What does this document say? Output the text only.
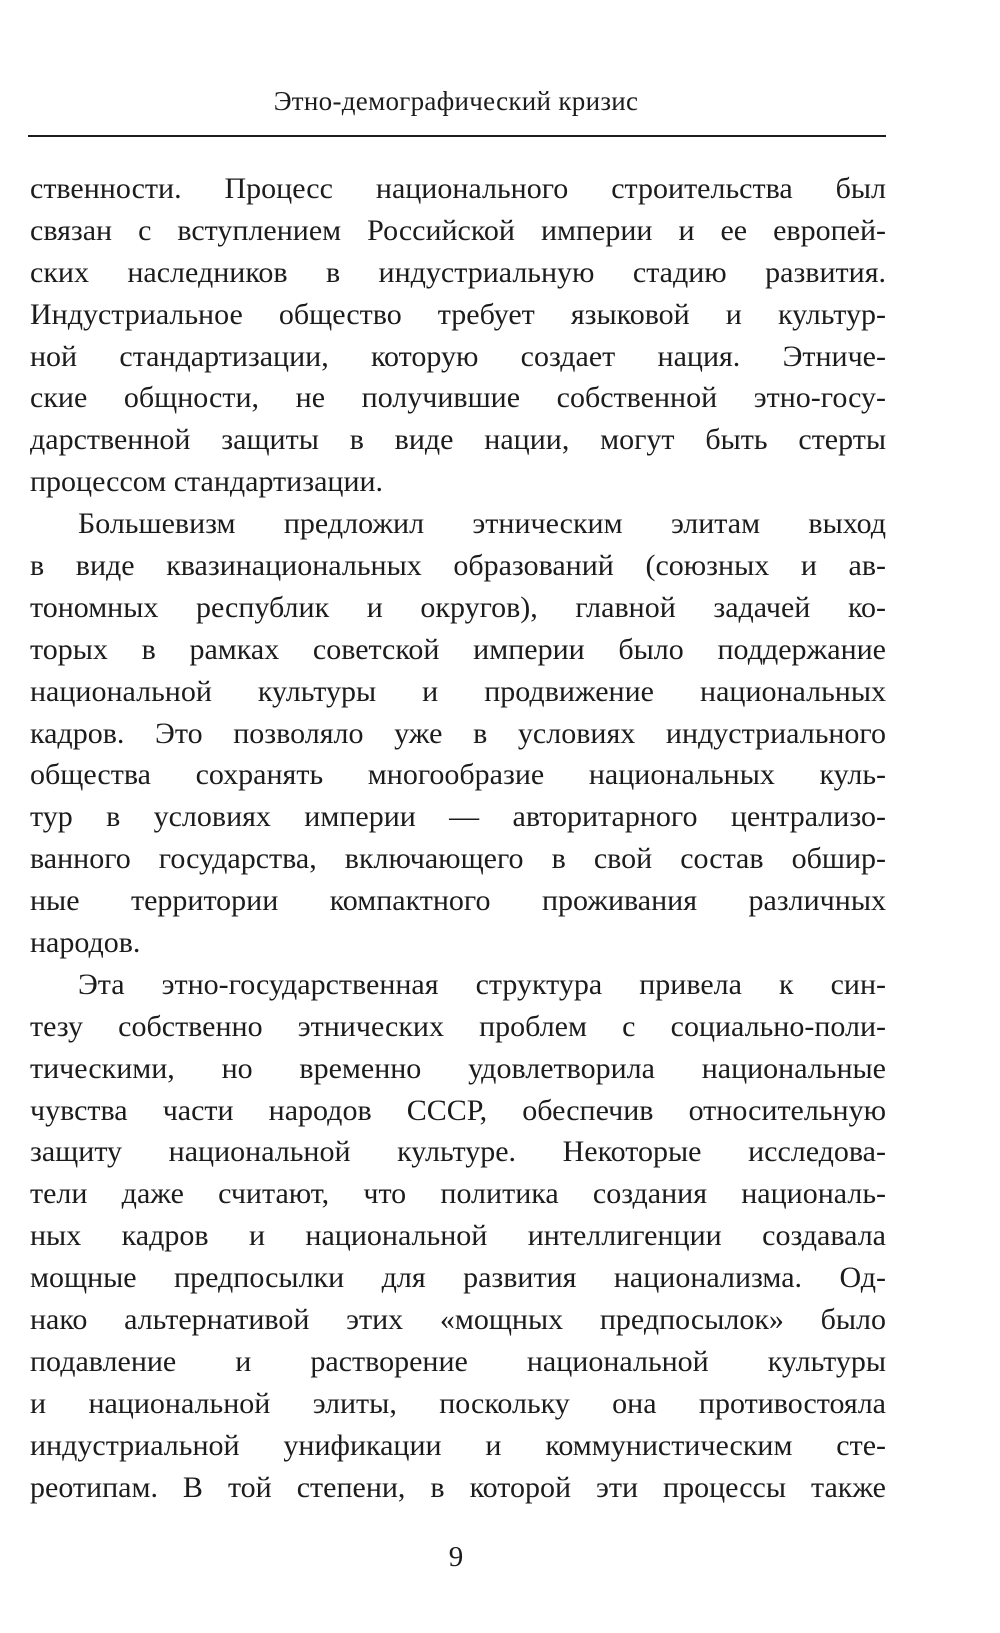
Этно-демографический кризис
ственности. Процесс национального строительства был
связан с вступлением Российской империи и ее европей-
ских наследников в индустриальную стадию развития.
Индустриальное общество требует языковой и культур-
ной стандартизации, которую создает нация. Этниче-
ские общности, не получившие собственной этно-госу-
дарственной защиты в виде нации, могут быть стерты
процессом стандартизации.
Большевизм предложил этническим элитам выход
в виде квазинациональных образований (союзных и ав-
тономных республик и округов), главной задачей ко-
торых в рамках советской империи было поддержание
национальной культуры и продвижение национальных
кадров. Это позволяло уже в условиях индустриального
общества сохранять многообразие национальных куль-
тур в условиях империи — авторитарного централизо-
ванного государства, включающего в свой состав обшир-
ные территории компактного проживания различных
народов.
Эта этно-государственная структура привела к син-
тезу собственно этнических проблем с социально-поли-
тическими, но временно удовлетворила национальные
чувства части народов СССР, обеспечив относительную
защиту национальной культуре. Некоторые исследова-
тели даже считают, что политика создания националь-
ных кадров и национальной интеллигенции создавала
мощные предпосылки для развития национализма. Од-
нако альтернативой этих «мощных предпосылок» было
подавление и растворение национальной культуры
и национальной элиты, поскольку она противостояла
индустриальной унификации и коммунистическим сте-
реотипам. В той степени, в которой эти процессы также
9
